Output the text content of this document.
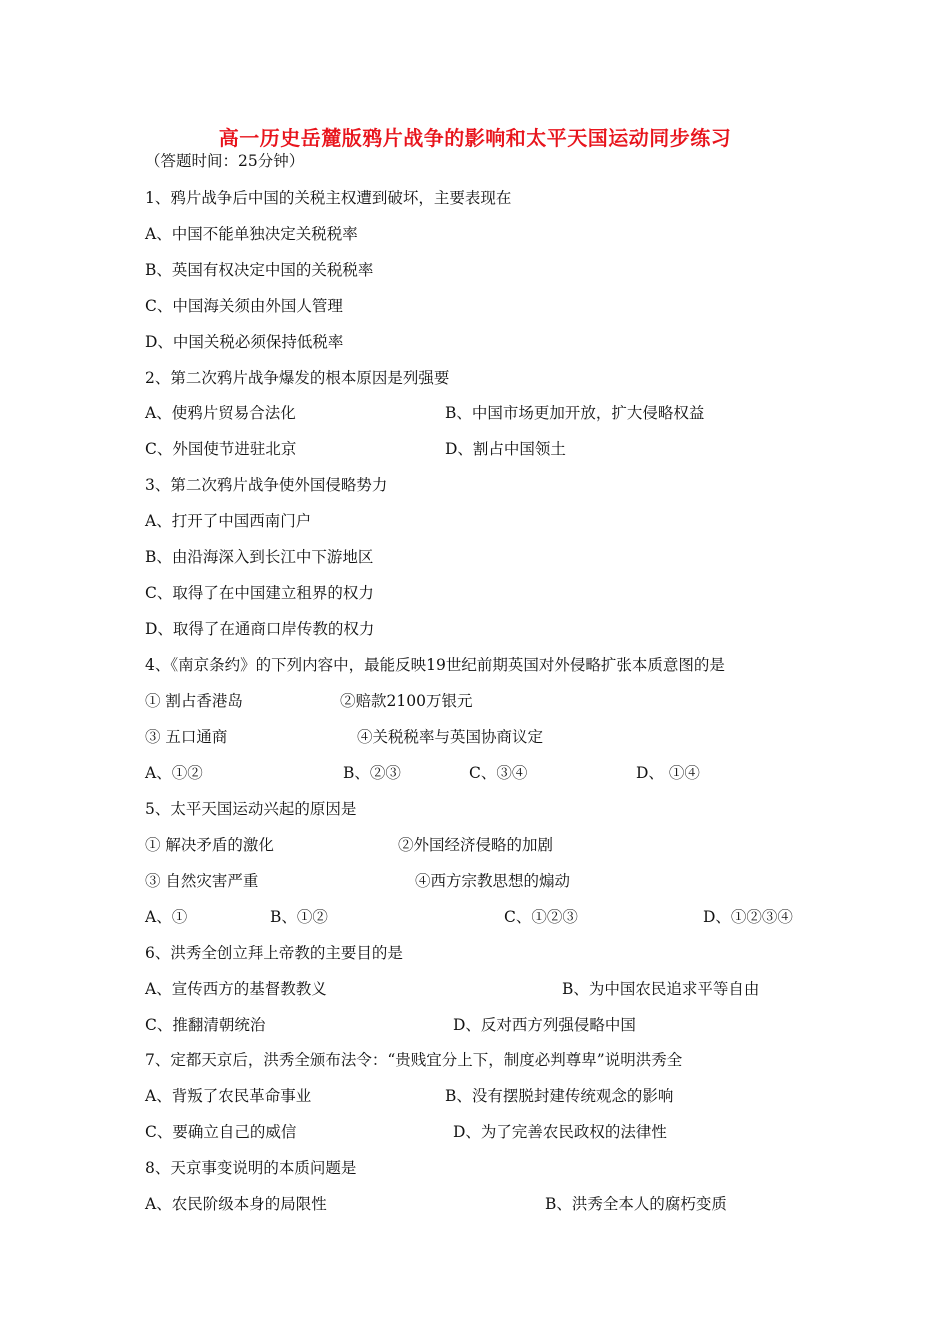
高一历史岳麓版鸦片战争的影响和太平天国运动同步练习
（答题时间：25分钟）
1、鸦片战争后中国的关税主权遭到破坏，主要表现在
A、中国不能单独决定关税税率
B、英国有权决定中国的关税税率
C、中国海关须由外国人管理
D、中国关税必须保持低税率
2、第二次鸦片战争爆发的根本原因是列强要
A、使鸦片贸易合法化	B、中国市场更加开放，扩大侵略权益
C、外国使节进驻北京	D、割占中国领土
3、第二次鸦片战争使外国侵略势力
A、打开了中国西南门户
B、由沿海深入到长江中下游地区
C、取得了在中国建立租界的权力
D、取得了在通商口岸传教的权力
4、《南京条约》的下列内容中，最能反映19世纪前期英国对外侵略扩张本质意图的是
① 割占香港岛	②赔款2100万银元
③ 五口通商	④关税税率与英国协商议定
A、①②	B、②③	C、③④	D、 ①④
5、太平天国运动兴起的原因是
① 解决矛盾的激化	②外国经济侵略的加剧
③ 自然灾害严重	④西方宗教思想的煽动
A、①	B、①②	C、①②③	D、①②③④
6、洪秀全创立拜上帝教的主要目的是
A、宣传西方的基督教教义	B、为中国农民追求平等自由
C、推翻清朝统治	D、反对西方列强侵略中国
7、定都天京后，洪秀全颁布法令：“贵贱宜分上下，制度必判尊卑”说明洪秀全
A、背叛了农民革命事业	B、没有摆脱封建传统观念的影响
C、要确立自己的威信	D、为了完善农民政权的法律性
8、天京事变说明的本质问题是
A、农民阶级本身的局限性	B、洪秀全本人的腐朽变质
